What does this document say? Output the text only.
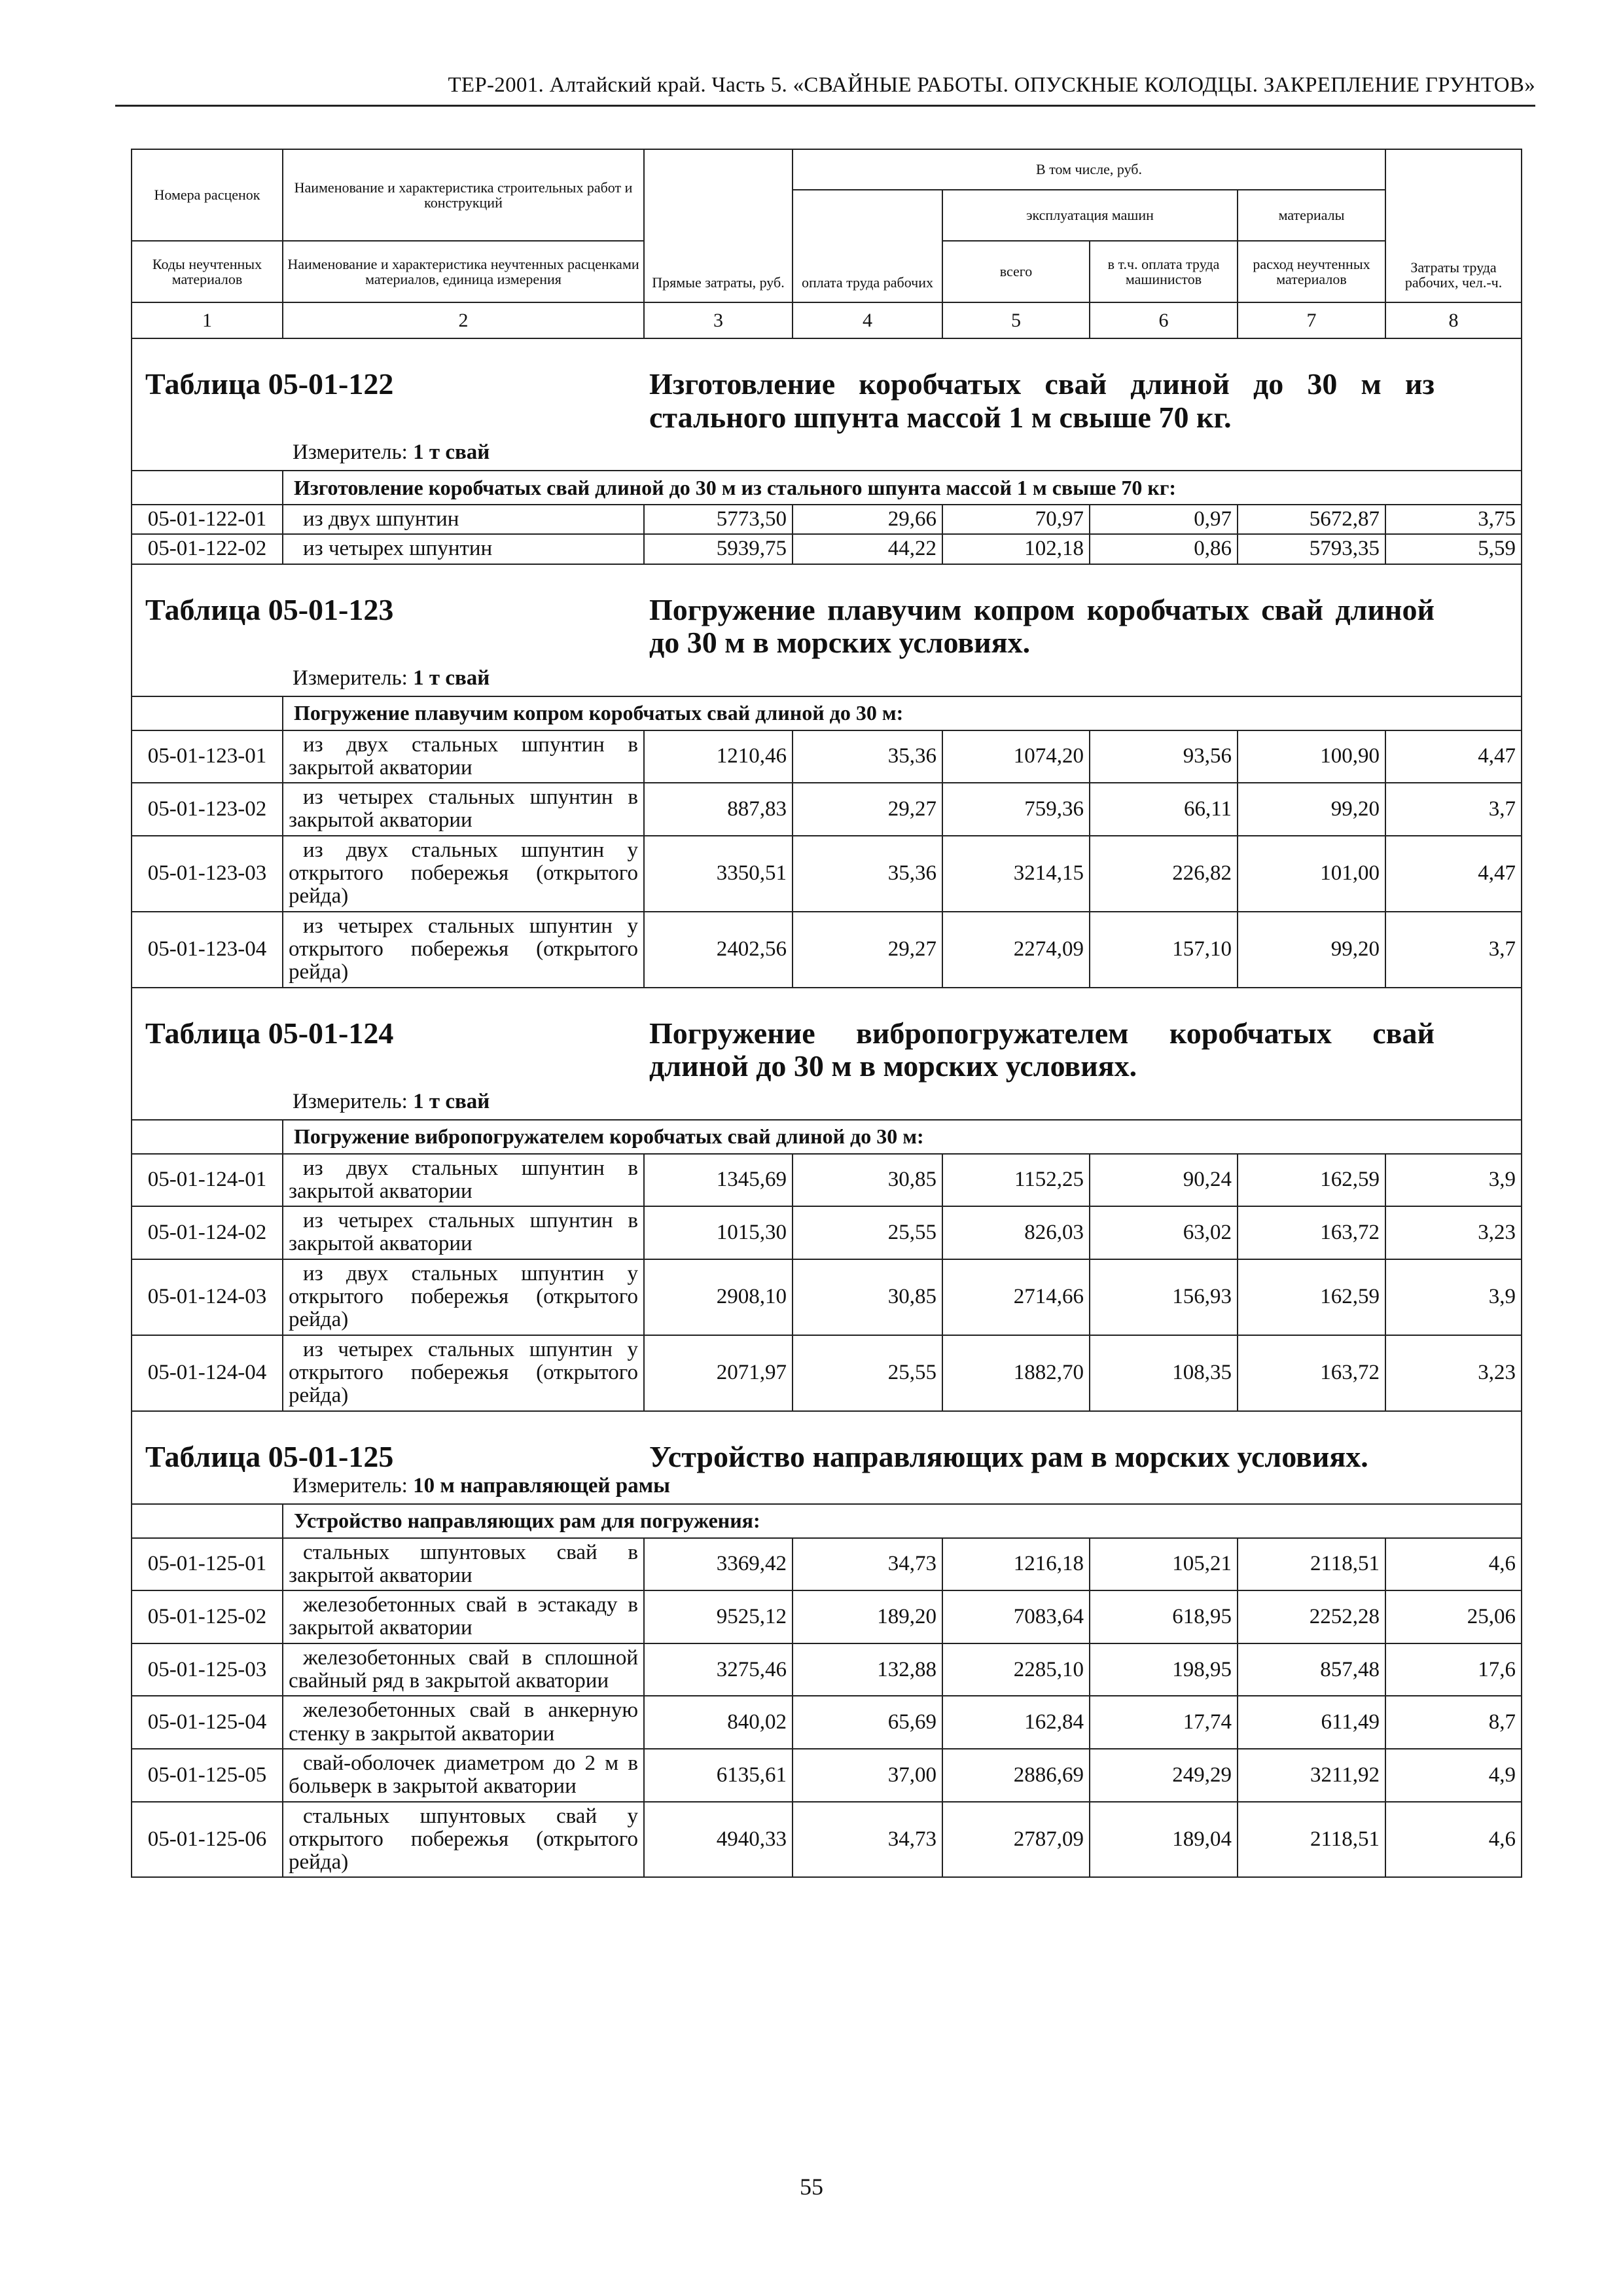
ТЕР-2001. Алтайский край. Часть 5. «СВАЙНЫЕ РАБОТЫ. ОПУСКНЫЕ КОЛОДЦЫ. ЗАКРЕПЛЕНИЕ ГРУНТОВ»
Номера расценок	Наименование и характеристика строительных работ и конструкций	Прямые затраты, руб.	В том числе, руб.				Затраты труда рабочих, чел.-ч.
			оплата труда рабочих	эксплуатация машин		материалы	
Коды неучтенных материалов	Наименование и характеристика неучтенных расценками материалов, единица измерения			всего	в т.ч. оплата труда машинистов	расход неучтенных материалов	
1	2	3	4	5	6	7	8

Таблица 05-01-122 Изготовление коробчатых свай длиной до 30 м из стального шпунта массой 1 м свыше 70 кг.
Измеритель: 1 т свай							

	Изготовление коробчатых свай длиной до 30 м из стального шпунта массой 1 м свыше 70 кг:						
05-01-122-01	из двух шпунтин	5773,50	29,66	70,97	0,97	5672,87	3,75
05-01-122-02	из четырех шпунтин	5939,75	44,22	102,18	0,86	5793,35	5,59

Таблица 05-01-123 Погружение плавучим копром коробчатых свай длиной до 30 м в морских условиях.
Измеритель: 1 т свай							

	Погружение плавучим копром коробчатых свай длиной до 30 м:						
05-01-123-01	из двух стальных шпунтин в закрытой акватории	1210,46	35,36	1074,20	93,56	100,90	4,47
05-01-123-02	из четырех стальных шпунтин в закрытой акватории	887,83	29,27	759,36	66,11	99,20	3,7
05-01-123-03	из двух стальных шпунтин у открытого побережья (открытого рейда)	3350,51	35,36	3214,15	226,82	101,00	4,47
05-01-123-04	из четырех стальных шпунтин у открытого побережья (открытого рейда)	2402,56	29,27	2274,09	157,10	99,20	3,7

Таблица 05-01-124 Погружение вибропогружателем коробчатых свай длиной до 30 м в морских условиях.
Измеритель: 1 т свай							

	Погружение вибропогружателем коробчатых свай длиной до 30 м:						
05-01-124-01	из двух стальных шпунтин в закрытой акватории	1345,69	30,85	1152,25	90,24	162,59	3,9
05-01-124-02	из четырех стальных шпунтин в закрытой акватории	1015,30	25,55	826,03	63,02	163,72	3,23
05-01-124-03	из двух стальных шпунтин у открытого побережья (открытого рейда)	2908,10	30,85	2714,66	156,93	162,59	3,9
05-01-124-04	из четырех стальных шпунтин у открытого побережья (открытого рейда)	2071,97	25,55	1882,70	108,35	163,72	3,23

Таблица 05-01-125 Устройство направляющих рам в морских условиях.
Измеритель: 10 м направляющей рамы							

	Устройство направляющих рам для погружения:						
05-01-125-01	стальных шпунтовых свай в закрытой акватории	3369,42	34,73	1216,18	105,21	2118,51	4,6
05-01-125-02	железобетонных свай в эстакаду в закрытой акватории	9525,12	189,20	7083,64	618,95	2252,28	25,06
05-01-125-03	железобетонных свай в сплошной свайный ряд в закрытой акватории	3275,46	132,88	2285,10	198,95	857,48	17,6
05-01-125-04	железобетонных свай в анкерную стенку в закрытой акватории	840,02	65,69	162,84	17,74	611,49	8,7
05-01-125-05	свай-оболочек диаметром до 2 м в больверк в закрытой акватории	6135,61	37,00	2886,69	249,29	3211,92	4,9
05-01-125-06	стальных шпунтовых свай у открытого побережья (открытого рейда)	4940,33	34,73	2787,09	189,04	2118,51	4,6
55
